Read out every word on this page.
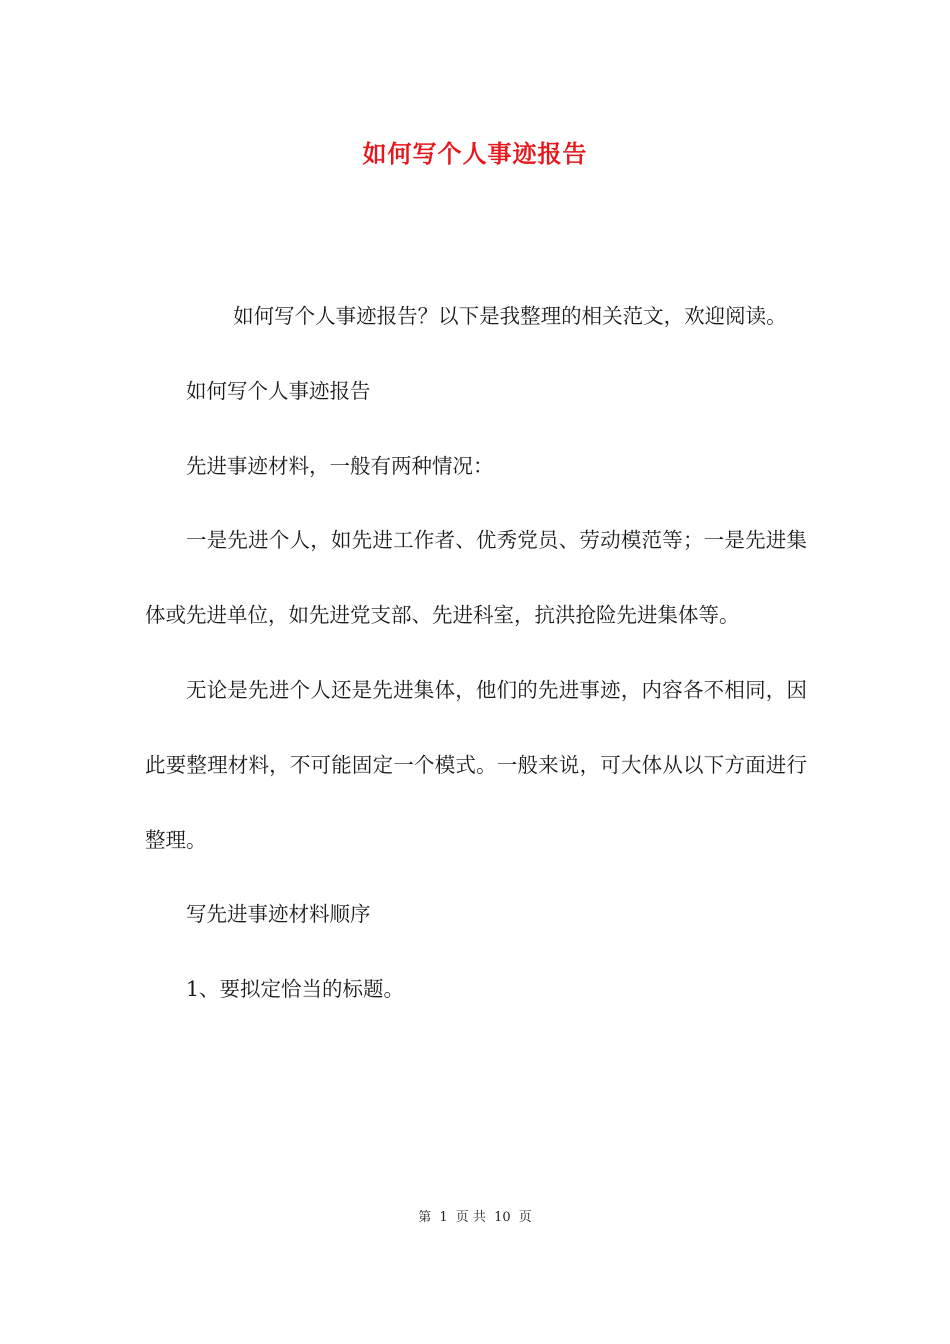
如何写个人事迹报告

如何写个人事迹报告？以下是我整理的相关范文，欢迎阅读。

如何写个人事迹报告

先进事迹材料，一般有两种情况：

一是先进个人，如先进工作者、优秀党员、劳动模范等；一是先进集体或先进单位，如先进党支部、先进科室，抗洪抢险先进集体等。

无论是先进个人还是先进集体，他们的先进事迹，内容各不相同，因此要整理材料，不可能固定一个模式。一般来说，可大体从以下方面进行整理。

写先进事迹材料顺序

1、要拟定恰当的标题。

第 1 页 共 10 页
